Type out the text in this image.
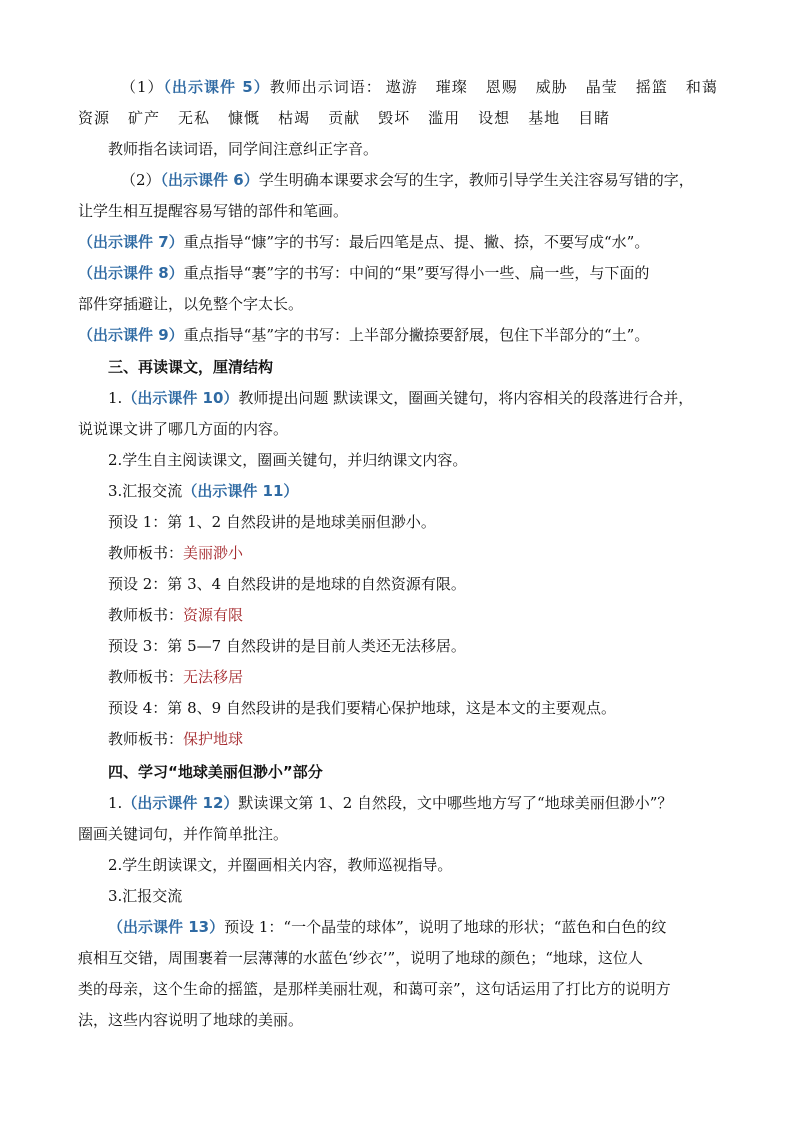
（1）（出示课件 5）教师出示词语： 遨游 璀璨 恩赐 威胁 晶莹 摇篮 和蔼
资源 矿产 无私 慷慨 枯竭 贡献 毁坏 滥用 设想 基地 目睹
教师指名读词语，同学间注意纠正字音。
（2）（出示课件 6）学生明确本课要求会写的生字，教师引导学生关注容易写错的字，
让学生相互提醒容易写错的部件和笔画。
（出示课件 7）重点指导“慷”字的书写：最后四笔是点、提、撇、捺，不要写成“水”。
（出示课件 8）重点指导“裹”字的书写：中间的“果”要写得小一些、扁一些，与下面的
部件穿插避让，以免整个字太长。
（出示课件 9）重点指导“基”字的书写：上半部分撇捺要舒展，包住下半部分的“土”。
三、再读课文，厘清结构
1.（出示课件 10）教师提出问题 默读课文，圈画关键句，将内容相关的段落进行合并，
说说课文讲了哪几方面的内容。
2.学生自主阅读课文，圈画关键句，并归纳课文内容。
3.汇报交流（出示课件 11）
预设 1：第 1、2 自然段讲的是地球美丽但渺小。
教师板书：美丽渺小
预设 2：第 3、4 自然段讲的是地球的自然资源有限。
教师板书：资源有限
预设 3：第 5—7 自然段讲的是目前人类还无法移居。
教师板书：无法移居
预设 4：第 8、9 自然段讲的是我们要精心保护地球，这是本文的主要观点。
教师板书：保护地球
四、学习“地球美丽但渺小”部分
1.（出示课件 12）默读课文第 1、2 自然段，文中哪些地方写了“地球美丽但渺小”？
圈画关键词句，并作简单批注。
2.学生朗读课文，并圈画相关内容，教师巡视指导。
3.汇报交流
（出示课件 13）预设 1：“一个晶莹的球体”，说明了地球的形状；“蓝色和白色的纹
痕相互交错，周围裹着一层薄薄的水蓝色‘纱衣’”，说明了地球的颜色；“地球，这位人
类的母亲，这个生命的摇篮，是那样美丽壮观，和蔼可亲”，这句话运用了打比方的说明方
法，这些内容说明了地球的美丽。
